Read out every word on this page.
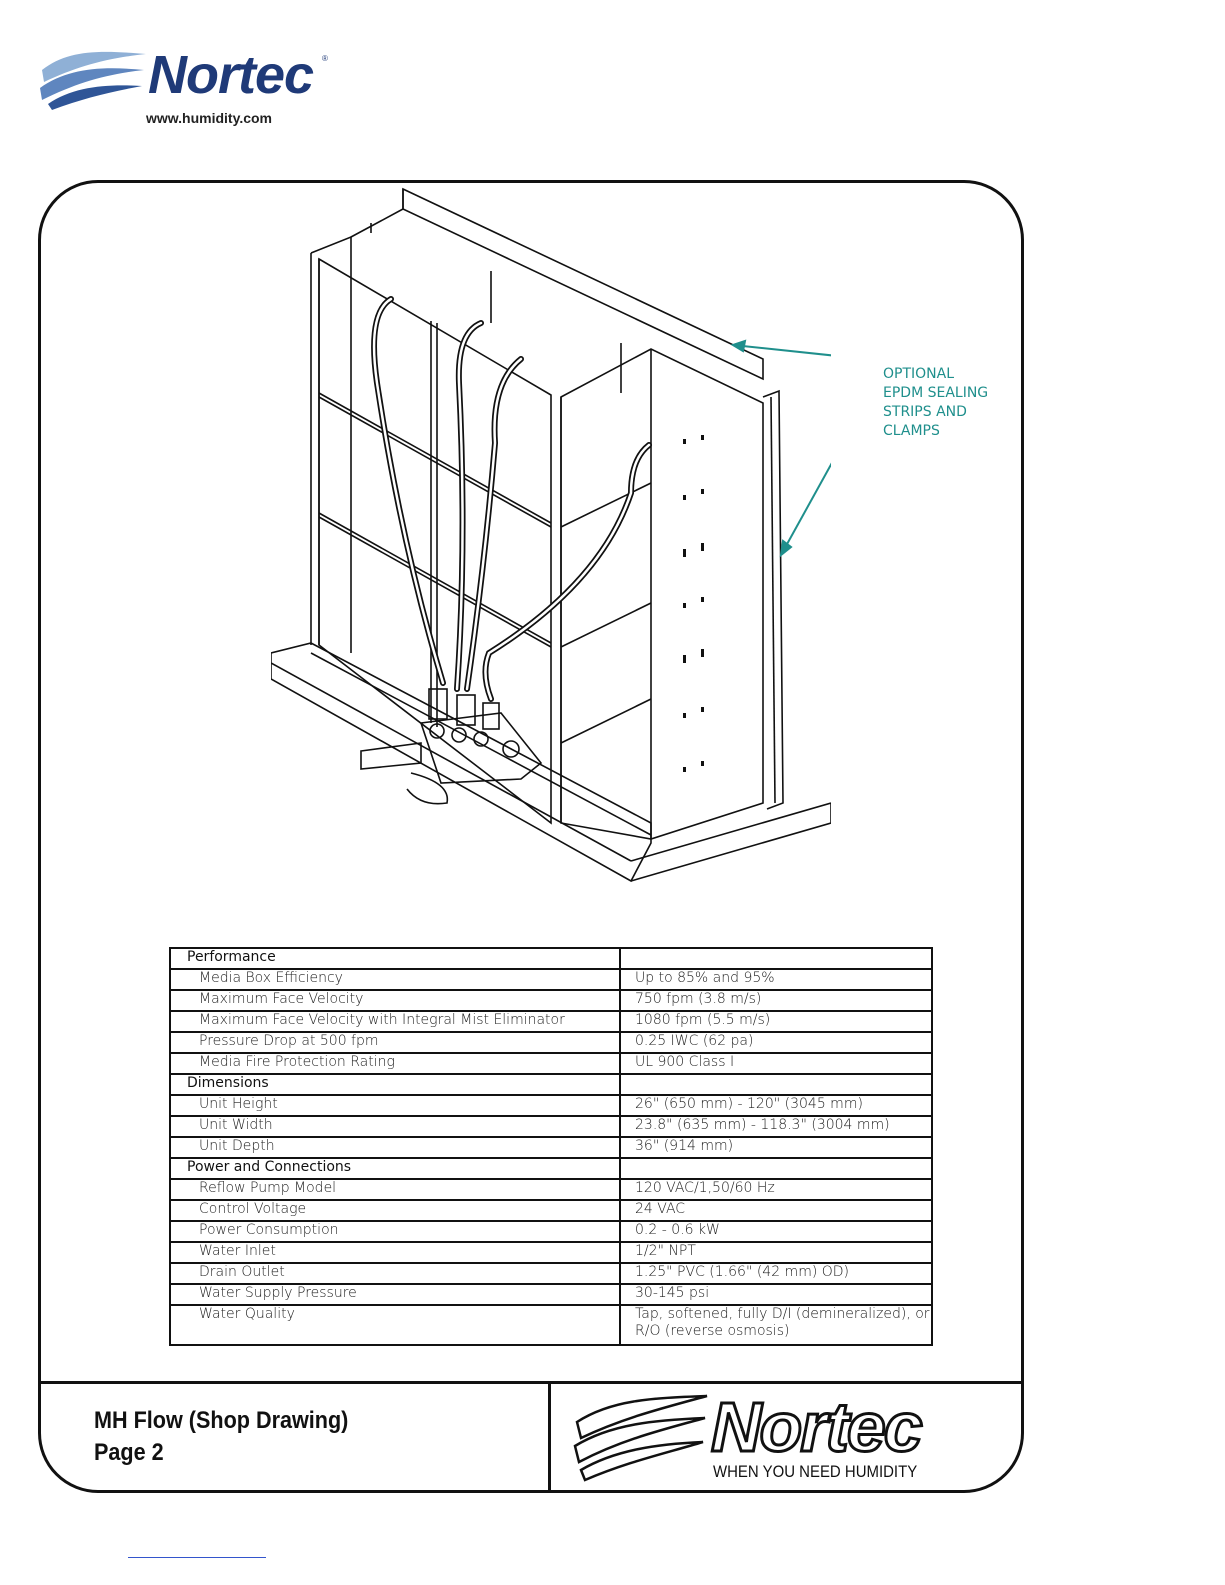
Nortec ®
www.humidity.com
OPTIONAL
EPDM SEALING
STRIPS AND
CLAMPS
Performance	
Media Box Efficiency	Up to 85% and 95%
Maximum Face Velocity	750 fpm (3.8 m/s)
Maximum Face Velocity with Integral Mist Eliminator	1080 fpm (5.5 m/s)
Pressure Drop at 500 fpm	0.25 IWC (62 pa)
Media Fire Protection Rating	UL 900 Class I
Dimensions	
Unit Height	26" (650 mm) - 120" (3045 mm)
Unit Width	23.8" (635 mm) - 118.3" (3004 mm)
Unit Depth	36" (914 mm)
Power and Connections	
Reflow Pump Model	120 VAC/1,50/60 Hz
Control Voltage	24 VAC
Power Consumption	0.2 - 0.6 kW
Water Inlet	1/2" NPT
Drain Outlet	1.25" PVC (1.66" (42 mm) OD)
Water Supply Pressure	30-145 psi
Water Quality	Tap, softened, fully D/I (demineralized), or R/O (reverse osmosis)
MH Flow (Shop Drawing)
Page 2	Nortec
WHEN YOU NEED HUMIDITY
